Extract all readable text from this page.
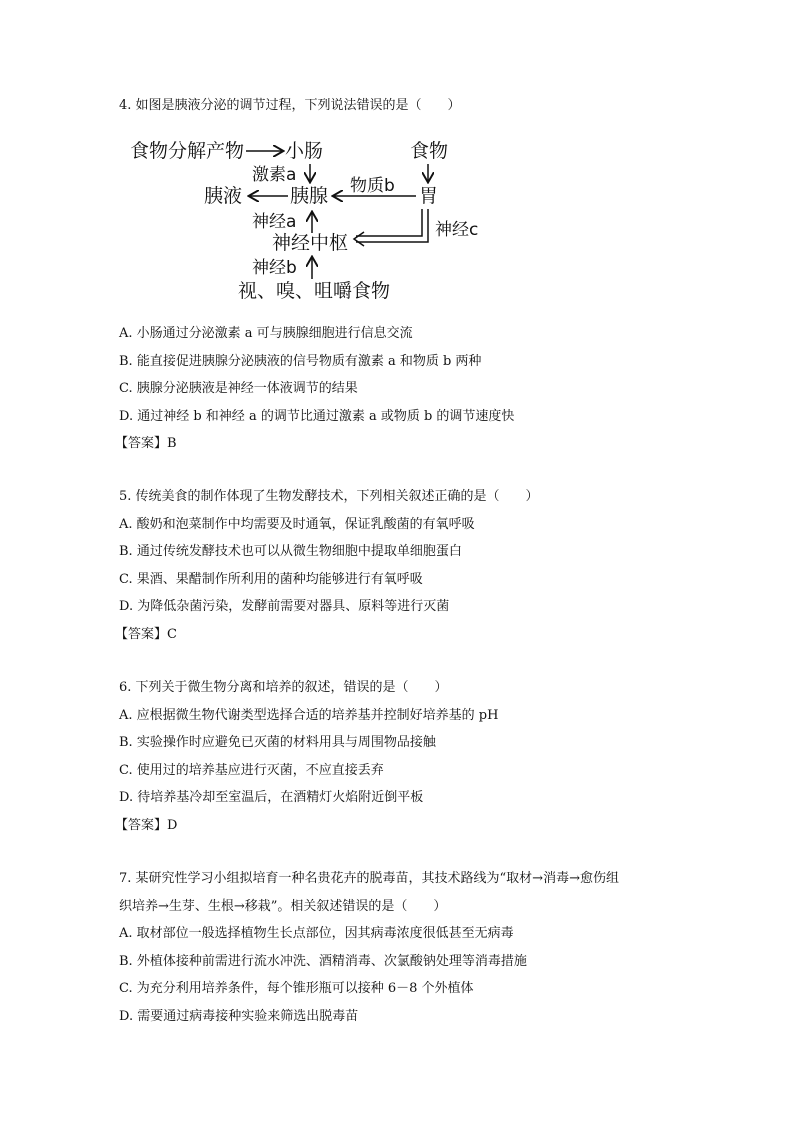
4. 如图是胰液分泌的调节过程，下列说法错误的是（　　）
食物分解产物 小肠	食物
激素a
胰液	胰腺 物质b 胃
神经a	神经c
神经中枢
神经b
视、嗅、咀嚼食物
A. 小肠通过分泌激素 a 可与胰腺细胞进行信息交流
B. 能直接促进胰腺分泌胰液的信号物质有激素 a 和物质 b 两种
C. 胰腺分泌胰液是神经一体液调节的结果
D. 通过神经 b 和神经 a 的调节比通过激素 a 或物质 b 的调节速度快
【答案】B
5. 传统美食的制作体现了生物发酵技术，下列相关叙述正确的是（　　）
A. 酸奶和泡菜制作中均需要及时通氧，保证乳酸菌的有氧呼吸
B. 通过传统发酵技术也可以从微生物细胞中提取单细胞蛋白
C. 果酒、果醋制作所利用的菌种均能够进行有氧呼吸
D. 为降低杂菌污染，发酵前需要对器具、原料等进行灭菌
【答案】C
6. 下列关于微生物分离和培养的叙述，错误的是（　　）
A. 应根据微生物代谢类型选择合适的培养基并控制好培养基的 pH
B. 实验操作时应避免已灭菌的材料用具与周围物品接触
C. 使用过的培养基应进行灭菌，不应直接丢弃
D. 待培养基冷却至室温后，在酒精灯火焰附近倒平板
【答案】D
7. 某研究性学习小组拟培育一种名贵花卉的脱毒苗，其技术路线为“取材→消毒→愈伤组
织培养→生芽、生根→移栽”。相关叙述错误的是（　　）
A. 取材部位一般选择植物生长点部位，因其病毒浓度很低甚至无病毒
B. 外植体接种前需进行流水冲洗、酒精消毒、次氯酸钠处理等消毒措施
C. 为充分利用培养条件，每个锥形瓶可以接种 6－8 个外植体
D. 需要通过病毒接种实验来筛选出脱毒苗
